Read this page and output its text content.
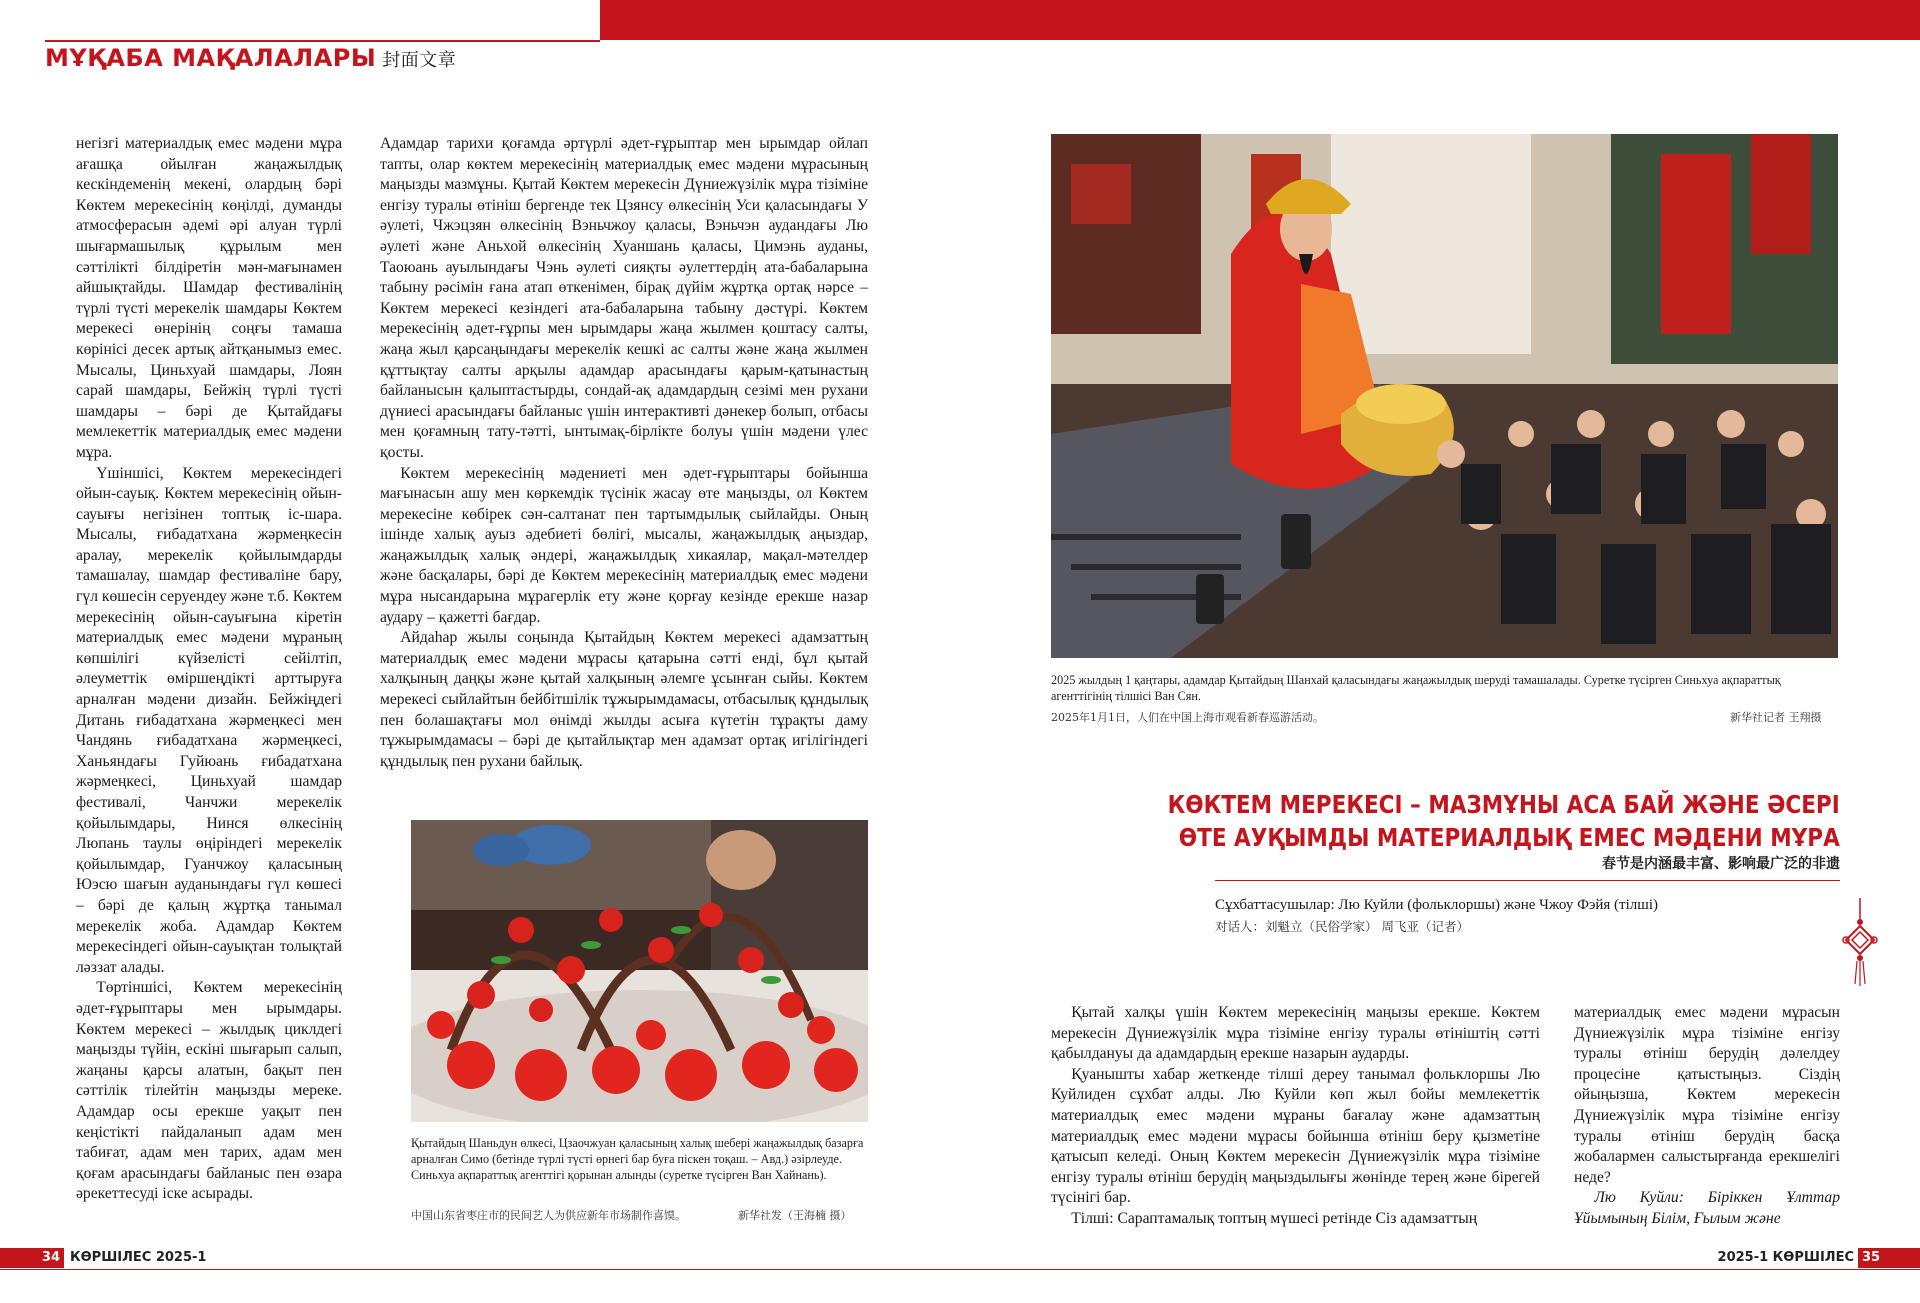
МҰҚАБА МАҚАЛАЛАРЫ 封面文章

негізгі материалдық емес мәдени мұра ағашқа ойылған жаңажылдық кескіндеменің мекені, олардың бәрі Көктем мерекесінің көңілді, думанды атмосферасын әдемі әрі алуан түрлі шығармашылық құрылым мен сәттілікті білдіретін мән-мағынамен айшықтайды. Шамдар фестивалінің түрлі түсті мерекелік шамдары Көктем мерекесі өнерінің соңғы тамаша көрінісі десек артық айтқанымыз емес. Мысалы, Циньхуай шамдары, Лоян сарай шамдары, Бейжің түрлі түсті шамдары – бәрі де Қытайдағы мемлекеттік материалдық емес мәдени мұра.

Үшіншісі, Көктем мерекесіндегі ойын-сауық. Көктем мерекесінің ойын-сауығы негізінен топтық іс-шара. Мысалы, ғибадатхана жәрмеңкесін аралау, мерекелік қойылымдарды тамашалау, шамдар фестиваліне бару, гүл көшесін серуендеу және т.б. Көктем мерекесінің ойын-сауығына кіретін материалдық емес мәдени мұраның көпшілігі күйзелісті сейілтіп, әлеуметтік өміршеңдікті арттыруға арналған мәдени дизайн. Бейжіңдегі Дитань ғибадатхана жәрмеңкесі мен Чандянь ғибадатхана жәрмеңкесі, Ханьяндағы Гуйюань ғибадатхана жәрмеңкесі, Циньхуай шамдар фестивалі, Чанчжи мерекелік қойылымдары, Нинся өлкесінің Люпань таулы өңіріндегі мерекелік қойылымдар, Гуанчжоу қаласының Юэсю шағын ауданындағы гүл көшесі – бәрі де қалың жұртқа танымал мерекелік жоба. Адамдар Көктем мерекесіндегі ойын-сауықтан толықтай ләззат алады.

Төртіншісі, Көктем мерекесінің әдет-ғұрыптары мен ырымдары. Көктем мерекесі – жылдық циклдегі маңызды түйін, ескіні шығарып салып, жаңаны қарсы алатын, бақыт пен сәттілік тілейтін маңызды мереке. Адамдар осы ерекше уақыт пен кеңістікті пайдаланып адам мен табиғат, адам мен тарих, адам мен қоғам арасындағы байланыс пен өзара әрекеттесуді іске асырады.

Адамдар тарихи қоғамда әртүрлі әдет-ғұрыптар мен ырымдар ойлап тапты, олар көктем мерекесінің материалдық емес мәдени мұрасының маңызды мазмұны. Қытай Көктем мерекесін Дүниежүзілік мұра тізіміне енгізу туралы өтініш бергенде тек Цзянсу өлкесінің Уси қаласындағы У әулеті, Чжэцзян өлкесінің Вэньчжоу қаласы, Вэньчэн аудандағы Лю әулеті және Аньхой өлкесінің Хуаншань қаласы, Цимэнь ауданы, Таоюань ауылындағы Чэнь әулеті сияқты әулеттердің ата-бабаларына табыну рәсімін ғана атап өткенімен, бірақ дүйім жұртқа ортақ нәрсе – Көктем мерекесі кезіндегі ата-бабаларына табыну дәстүрі. Көктем мерекесінің әдет-ғұрпы мен ырымдары жаңа жылмен қоштасу салты, жаңа жыл қарсаңындағы мерекелік кешкі ас салты және жаңа жылмен құттықтау салты арқылы адамдар арасындағы қарым-қатынастың байланысын қалыптастырды, сондай-ақ адамдардың сезімі мен рухани дүниесі арасындағы байланыс үшін интерактивті дәнекер болып, отбасы мен қоғамның тату-тәтті, ынтымақ-бірлікте болуы үшін мәдени үлес қосты.

Көктем мерекесінің мәдениеті мен әдет-ғұрыптары бойынша мағынасын ашу мен көркемдік түсінік жасау өте маңызды, ол Көктем мерекесіне көбірек сән-салтанат пен тартымдылық сыйлайды. Оның ішінде халық ауыз әдебиеті бөлігі, мысалы, жаңажылдық аңыздар, жаңажылдық халық әндері, жаңажылдық хикаялар, мақал-мәтелдер және басқалары, бәрі де Көктем мерекесінің материалдық емес мәдени мұра нысандарына мұрагерлік ету және қорғау кезінде ерекше назар аудару – қажетті бағдар.

Айдаһар жылы соңында Қытайдың Көктем мерекесі адамзаттың материалдық емес мәдени мұрасы қатарына сәтті енді, бұл қытай халқының даңқы және қытай халқының әлемге ұсынған сыйы. Көктем мерекесі сыйлайтын бейбітшілік тұжырымдамасы, отбасылық құндылық пен болашақтағы мол өнімді жылды асыға күтетін тұрақты даму тұжырымдамасы – бәрі де қытайлықтар мен адамзат ортақ игілігіндегі құндылық пен рухани байлық.

Қытайдың Шаньдун өлкесі, Цзаочжуан қаласының халық шебері жаңажылдық базарға арналған Симо (бетінде түрлі түсті өрнегі бар буға піскен тоқаш. – Авд.) әзірлеуде. Синьхуа ақпараттық агенттігі қорынан алынды (суретке түсірген Ван Хайнань).
中国山东省枣庄市的民间艺人为供应新年市场制作喜馍。	新华社发（王海楠 摄）
2025 жылдың 1 қаңтары, адамдар Қытайдың Шанхай қаласындағы жаңажылдық шеруді тамашалады. Суретке түсірген Синьхуа ақпараттық агенттігінің тілшісі Ван Сян.
2025年1月1日，人们在中国上海市观看新春巡游活动。	新华社记者 王翔摄
КӨКТЕМ МЕРЕКЕСІ – МАЗМҰНЫ АСА БАЙ ЖӘНЕ ӘСЕРІ
ӨТЕ АУҚЫМДЫ МАТЕРИАЛДЫҚ ЕМЕС МӘДЕНИ МҰРА
春节是内涵最丰富、影响最广泛的非遗
Сұхбаттасушылар: Лю Куйли (фольклоршы) және Чжоу Фэйя (тілші)
对话人：刘魁立（民俗学家） 周飞亚（记者）

Қытай халқы үшін Көктем мерекесінің маңызы ерекше. Көктем мерекесін Дүниежүзілік мұра тізіміне енгізу туралы өтініштің сәтті қабылдануы да адамдардың ерекше назарын аударды.

Қуанышты хабар жеткенде тілші дереу танымал фольклоршы Лю Куйлиден сұхбат алды. Лю Куйли көп жыл бойы мемлекеттік материалдық емес мәдени мұраны бағалау және адамзаттың материалдық емес мәдени мұрасы бойынша өтініш беру қызметіне қатысып келеді. Оның Көктем мерекесін Дүниежүзілік мұра тізіміне енгізу туралы өтініш берудің маңыздылығы жөнінде терең және бірегей түсінігі бар.

Тілші: Сараптамалық топтың мүшесі ретінде Сіз адамзаттың

материалдық емес мәдени мұрасын Дүниежүзілік мұра тізіміне енгізу туралы өтініш берудің дәлелдеу процесіне қатыстыңыз. Сіздің ойыңызша, Көктем мерекесін Дүниежүзілік мұра тізіміне енгізу туралы өтініш берудің басқа жобалармен салыстырғанда ерекшелігі неде?

Лю Куйли: Біріккен Ұлттар Ұйымының Білім, Ғылым және

34 КӨРШІЛЕС 2025-1	2025-1 КӨРШІЛЕС 35
